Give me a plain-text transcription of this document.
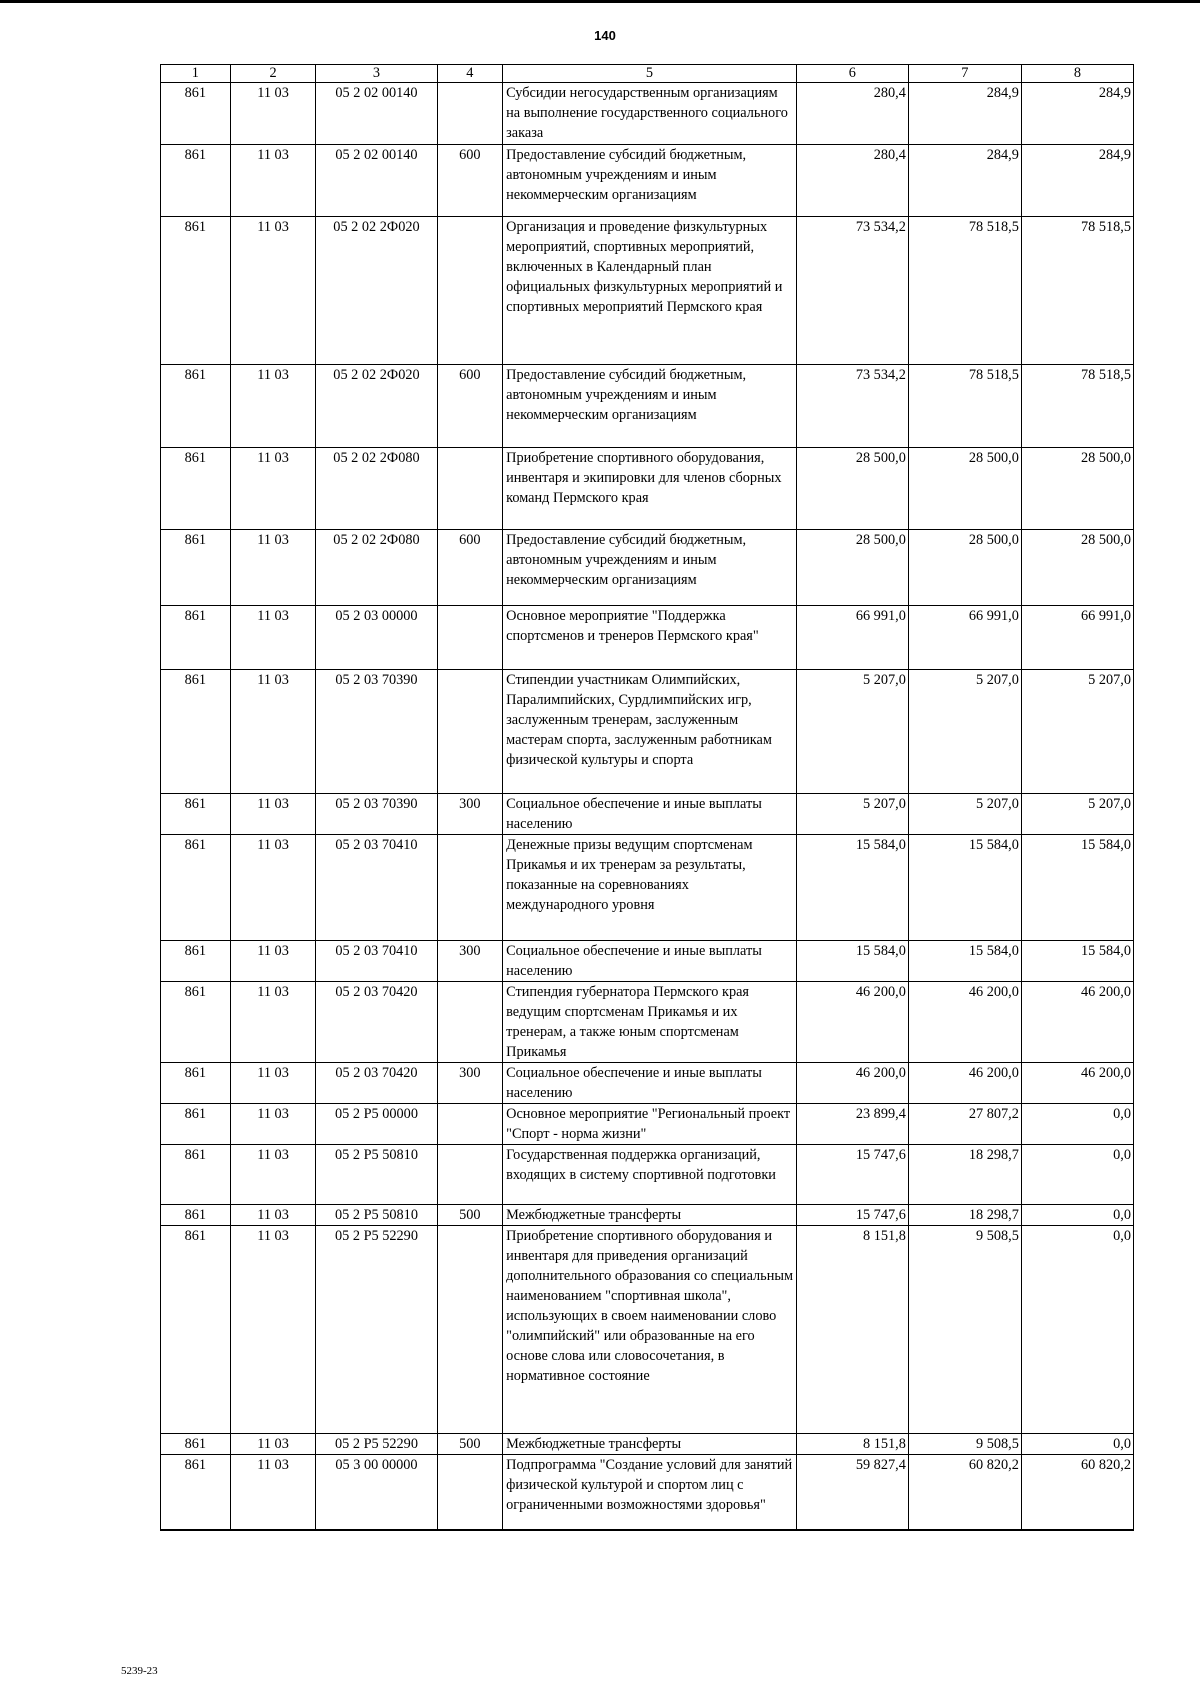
140
1	2	3	4	5	6	7	8
861	11 03	05 2 02 00140		Субсидии негосударственным организациям на выполнение государственного социального заказа	280,4	284,9	284,9
861	11 03	05 2 02 00140	600	Предоставление субсидий бюджетным, автономным учреждениям и иным некоммерческим организациям	280,4	284,9	284,9
861	11 03	05 2 02 2Ф020		Организация и проведение физкультурных мероприятий, спортивных мероприятий, включенных в Календарный план официальных физкультурных мероприятий и спортивных мероприятий Пермского края	73 534,2	78 518,5	78 518,5
861	11 03	05 2 02 2Ф020	600	Предоставление субсидий бюджетным, автономным учреждениям и иным некоммерческим организациям	73 534,2	78 518,5	78 518,5
861	11 03	05 2 02 2Ф080		Приобретение спортивного оборудования, инвентаря и экипировки для членов сборных команд Пермского края	28 500,0	28 500,0	28 500,0
861	11 03	05 2 02 2Ф080	600	Предоставление субсидий бюджетным, автономным учреждениям и иным некоммерческим организациям	28 500,0	28 500,0	28 500,0
861	11 03	05 2 03 00000		Основное мероприятие "Поддержка спортсменов и тренеров Пермского края"	66 991,0	66 991,0	66 991,0
861	11 03	05 2 03 70390		Стипендии участникам Олимпийских, Паралимпийских, Сурдлимпийских игр, заслуженным тренерам, заслуженным мастерам спорта, заслуженным работникам физической культуры и спорта	5 207,0	5 207,0	5 207,0
861	11 03	05 2 03 70390	300	Социальное обеспечение и иные выплаты населению	5 207,0	5 207,0	5 207,0
861	11 03	05 2 03 70410		Денежные призы ведущим спортсменам Прикамья и их тренерам за результаты, показанные на соревнованиях международного уровня	15 584,0	15 584,0	15 584,0
861	11 03	05 2 03 70410	300	Социальное обеспечение и иные выплаты населению	15 584,0	15 584,0	15 584,0
861	11 03	05 2 03 70420		Стипендия губернатора Пермского края ведущим спортсменам Прикамья и их тренерам, а также юным спортсменам Прикамья	46 200,0	46 200,0	46 200,0
861	11 03	05 2 03 70420	300	Социальное обеспечение и иные выплаты населению	46 200,0	46 200,0	46 200,0
861	11 03	05 2 P5 00000		Основное мероприятие "Региональный проект "Спорт - норма жизни"	23 899,4	27 807,2	0,0
861	11 03	05 2 P5 50810		Государственная поддержка организаций, входящих в систему спортивной подготовки	15 747,6	18 298,7	0,0
861	11 03	05 2 P5 50810	500	Межбюджетные трансферты	15 747,6	18 298,7	0,0
861	11 03	05 2 P5 52290		Приобретение спортивного оборудования и инвентаря для приведения организаций дополнительного образования со специальным наименованием "спортивная школа", использующих в своем наименовании слово "олимпийский" или образованные на его основе слова или словосочетания, в нормативное состояние	8 151,8	9 508,5	0,0
861	11 03	05 2 P5 52290	500	Межбюджетные трансферты	8 151,8	9 508,5	0,0
861	11 03	05 3 00 00000		Подпрограмма "Создание условий для занятий физической культурой и спортом лиц с ограниченными возможностями здоровья"	59 827,4	60 820,2	60 820,2
5239-23
